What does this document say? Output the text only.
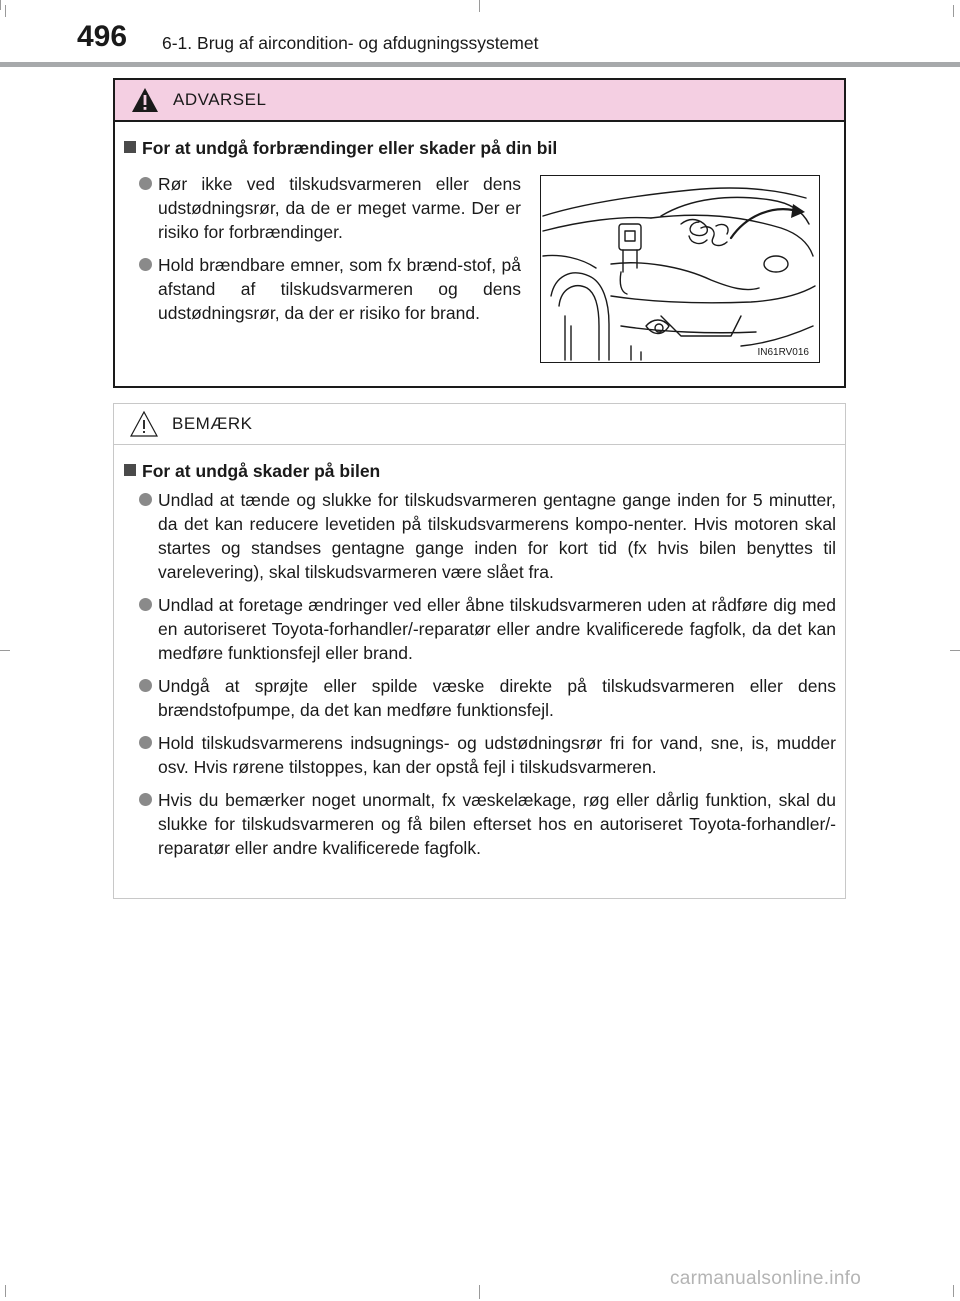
496 6-1. Brug af aircondition- og afdugningssystemet
ADVARSEL
For at undgå forbrændinger eller skader på din bil
Rør ikke ved tilskudsvarmeren eller dens udstødningsrør, da de er meget varme. Der er risiko for forbrændinger.
Hold brændbare emner, som fx brænd-stof, på afstand af tilskudsvarmeren og dens udstødningsrør, da der er risiko for brand.
IN61RV016
BEMÆRK
For at undgå skader på bilen
Undlad at tænde og slukke for tilskudsvarmeren gentagne gange inden for 5 minutter, da det kan reducere levetiden på tilskudsvarmerens kompo-nenter. Hvis motoren skal startes og standses gentagne gange inden for kort tid (fx hvis bilen benyttes til varelevering), skal tilskudsvarmeren være slået fra.
Undlad at foretage ændringer ved eller åbne tilskudsvarmeren uden at rådføre dig med en autoriseret Toyota-forhandler/-reparatør eller andre kvalificerede fagfolk, da det kan medføre funktionsfejl eller brand.
Undgå at sprøjte eller spilde væske direkte på tilskudsvarmeren eller dens brændstofpumpe, da det kan medføre funktionsfejl.
Hold tilskudsvarmerens indsugnings- og udstødningsrør fri for vand, sne, is, mudder osv. Hvis rørene tilstoppes, kan der opstå fejl i tilskudsvarmeren.
Hvis du bemærker noget unormalt, fx væskelækage, røg eller dårlig funktion, skal du slukke for tilskudsvarmeren og få bilen efterset hos en autoriseret Toyota-forhandler/-reparatør eller andre kvalificerede fagfolk.
carmanualsonline.info
